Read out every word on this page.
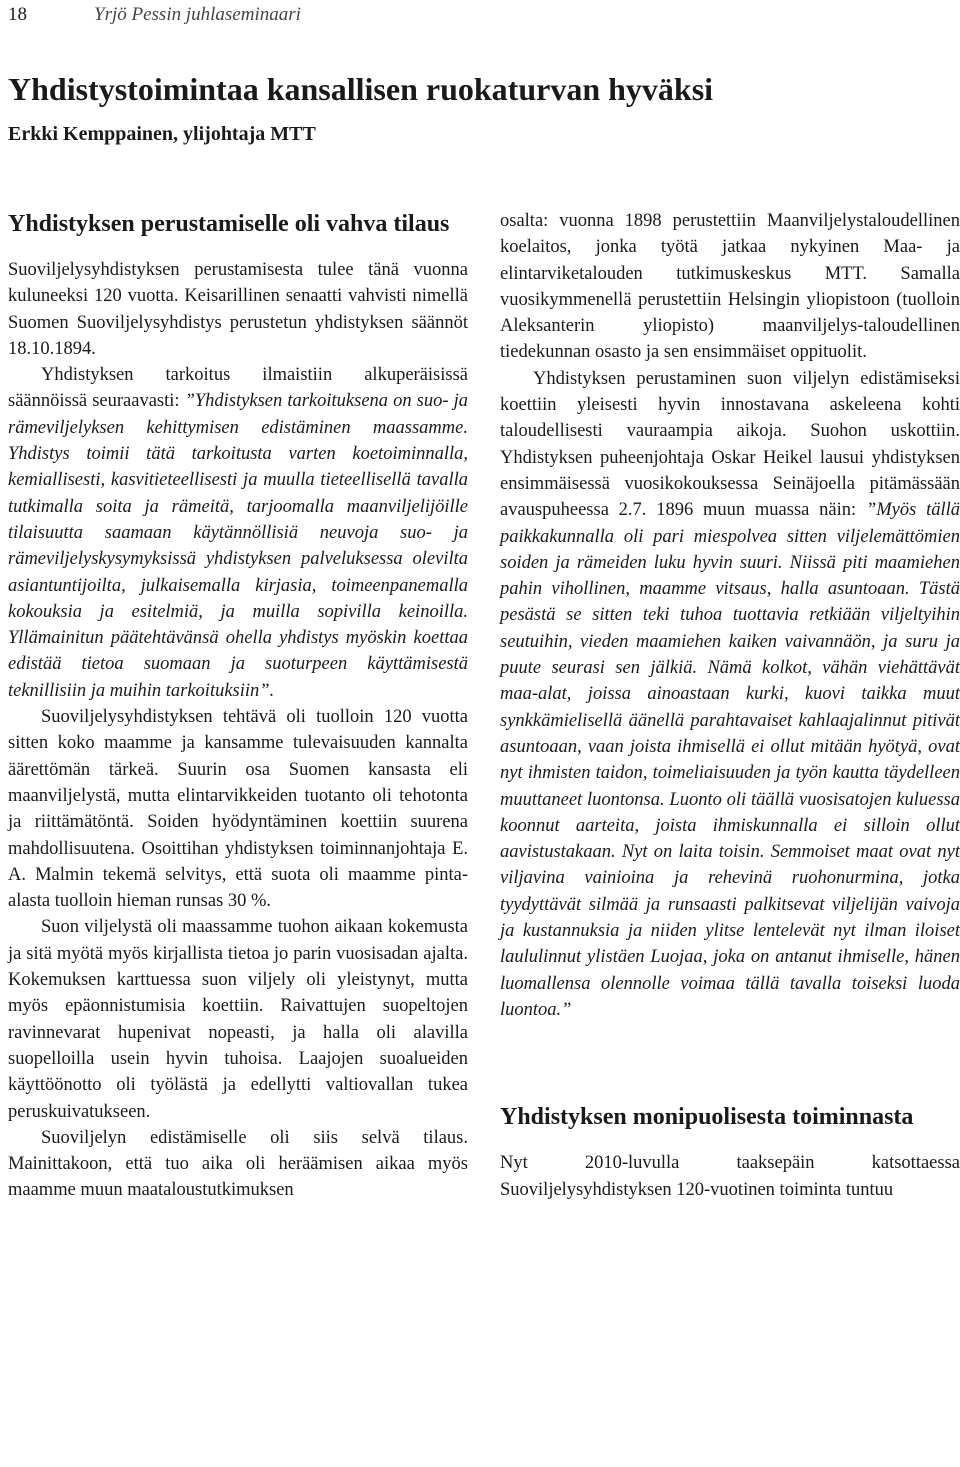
18	Yrjö Pessin juhlaseminaari
Yhdistystoimintaa kansallisen ruokaturvan hyväksi
Erkki Kemppainen, ylijohtaja MTT
Yhdistyksen perustamiselle oli vahva tilaus

Suoviljelysyhdistyksen perustamisesta tulee tänä vuonna kuluneeksi 120 vuotta. Keisarillinen senaatti vahvisti nimellä Suomen Suoviljelysyhdistys perustetun yhdistyksen säännöt 18.10.1894.

Yhdistyksen tarkoitus ilmaistiin alkuperäisissä säännöissä seuraavasti: ”Yhdistyksen tarkoituksena on suo- ja rämeviljelyksen kehittymisen edistäminen maassamme. Yhdistys toimii tätä tarkoitusta varten koetoiminnalla, kemiallisesti, kasvitieteellisesti ja muulla tieteellisellä tavalla tutkimalla soita ja rämeitä, tarjoomalla maanviljelijöille tilaisuutta saamaan käytännöllisiä neuvoja suo- ja rämeviljelyskysymyksissä yhdistyksen palveluksessa olevilta asiantuntijoilta, julkaisemalla kirjasia, toimeenpanemalla kokouksia ja esitelmiä, ja muilla sopivilla keinoilla. Yllämainitun päätehtävänsä ohella yhdistys myöskin koettaa edistää tietoa suomaan ja suoturpeen käyttämisestä teknillisiin ja muihin tarkoituksiin”.

Suoviljelysyhdistyksen tehtävä oli tuolloin 120 vuotta sitten koko maamme ja kansamme tulevaisuuden kannalta äärettömän tärkeä. Suurin osa Suomen kansasta eli maanviljelystä, mutta elintarvikkeiden tuotanto oli tehotonta ja riittämätöntä. Soiden hyödyntäminen koettiin suurena mahdollisuutena. Osoittihan yhdistyksen toiminnanjohtaja E. A. Malmin tekemä selvitys, että suota oli maamme pinta-alasta tuolloin hieman runsas 30 %.

Suon viljelystä oli maassamme tuohon aikaan kokemusta ja sitä myötä myös kirjallista tietoa jo parin vuosisadan ajalta. Kokemuksen karttuessa suon viljely oli yleistynyt, mutta myös epäonnistumisia koettiin. Raivattujen suopeltojen ravinnevarat hupenivat nopeasti, ja halla oli alavilla suopelloilla usein hyvin tuhoisa. Laajojen suoalueiden käyttöönotto oli työlästä ja edellytti valtiovallan tukea peruskuivatukseen.

Suoviljelyn edistämiselle oli siis selvä tilaus. Mainittakoon, että tuo aika oli heräämisen aikaa myös maamme muun maataloustutkimuksen

osalta: vuonna 1898 perustettiin Maanviljelystaloudellinen koelaitos, jonka työtä jatkaa nykyinen Maa- ja elintarviketalouden tutkimuskeskus MTT. Samalla vuosikymmenellä perustettiin Helsingin yliopistoon (tuolloin Aleksanterin yliopisto) maanviljelys-taloudellinen tiedekunnan osasto ja sen ensimmäiset oppituolit.

Yhdistyksen perustaminen suon viljelyn edistämiseksi koettiin yleisesti hyvin innostavana askeleena kohti taloudellisesti vauraampia aikoja. Suohon uskottiin. Yhdistyksen puheenjohtaja Oskar Heikel lausui yhdistyksen ensimmäisessä vuosikokouksessa Seinäjoella pitämässään avauspuheessa 2.7. 1896 muun muassa näin: ”Myös tällä paikkakunnalla oli pari miespolvea sitten viljelemättömien soiden ja rämeiden luku hyvin suuri. Niissä piti maamiehen pahin vihollinen, maamme vitsaus, halla asuntoaan. Tästä pesästä se sitten teki tuhoa tuottavia retkiään viljeltyihin seutuihin, vieden maamiehen kaiken vaivannäön, ja suru ja puute seurasi sen jälkiä. Nämä kolkot, vähän viehättävät maa-alat, joissa ainoastaan kurki, kuovi taikka muut synkkämielisellä äänellä parahtavaiset kahlaajalinnut pitivät asuntoaan, vaan joista ihmisellä ei ollut mitään hyötyä, ovat nyt ihmisten taidon, toimeliaisuuden ja työn kautta täydelleen muuttaneet luontonsa. Luonto oli täällä vuosisatojen kuluessa koonnut aarteita, joista ihmiskunnalla ei silloin ollut aavistustakaan. Nyt on laita toisin. Semmoiset maat ovat nyt viljavina vainioina ja rehevinä ruohonurmina, jotka tyydyttävät silmää ja runsaasti palkitsevat viljelijän vaivoja ja kustannuksia ja niiden ylitse lentelevät nyt ilman iloiset laululinnut ylistäen Luojaa, joka on antanut ihmiselle, hänen luomallensa olennolle voimaa tällä tavalla toiseksi luoda luontoa.”

Yhdistyksen monipuolisesta toiminnasta

Nyt 2010-luvulla taaksepäin katsottaessa Suoviljelysyhdistyksen 120-vuotinen toiminta tuntuu
